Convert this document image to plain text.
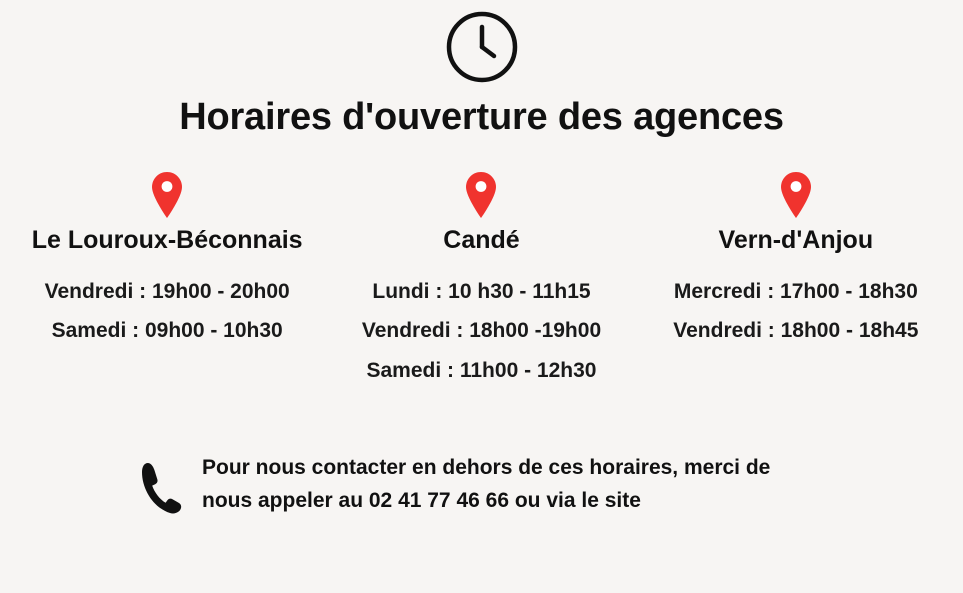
Horaires d'ouverture des agences
Le Louroux-Béconnais
Vendredi : 19h00 - 20h00
Samedi : 09h00 - 10h30
Candé
Lundi : 10 h30 - 11h15
Vendredi : 18h00 -19h00
Samedi : 11h00 - 12h30
Vern-d'Anjou
Mercredi : 17h00 - 18h30
Vendredi : 18h00 - 18h45
Pour nous contacter en dehors de ces horaires, merci de nous appeler au 02 41 77 46 66 ou via le site
